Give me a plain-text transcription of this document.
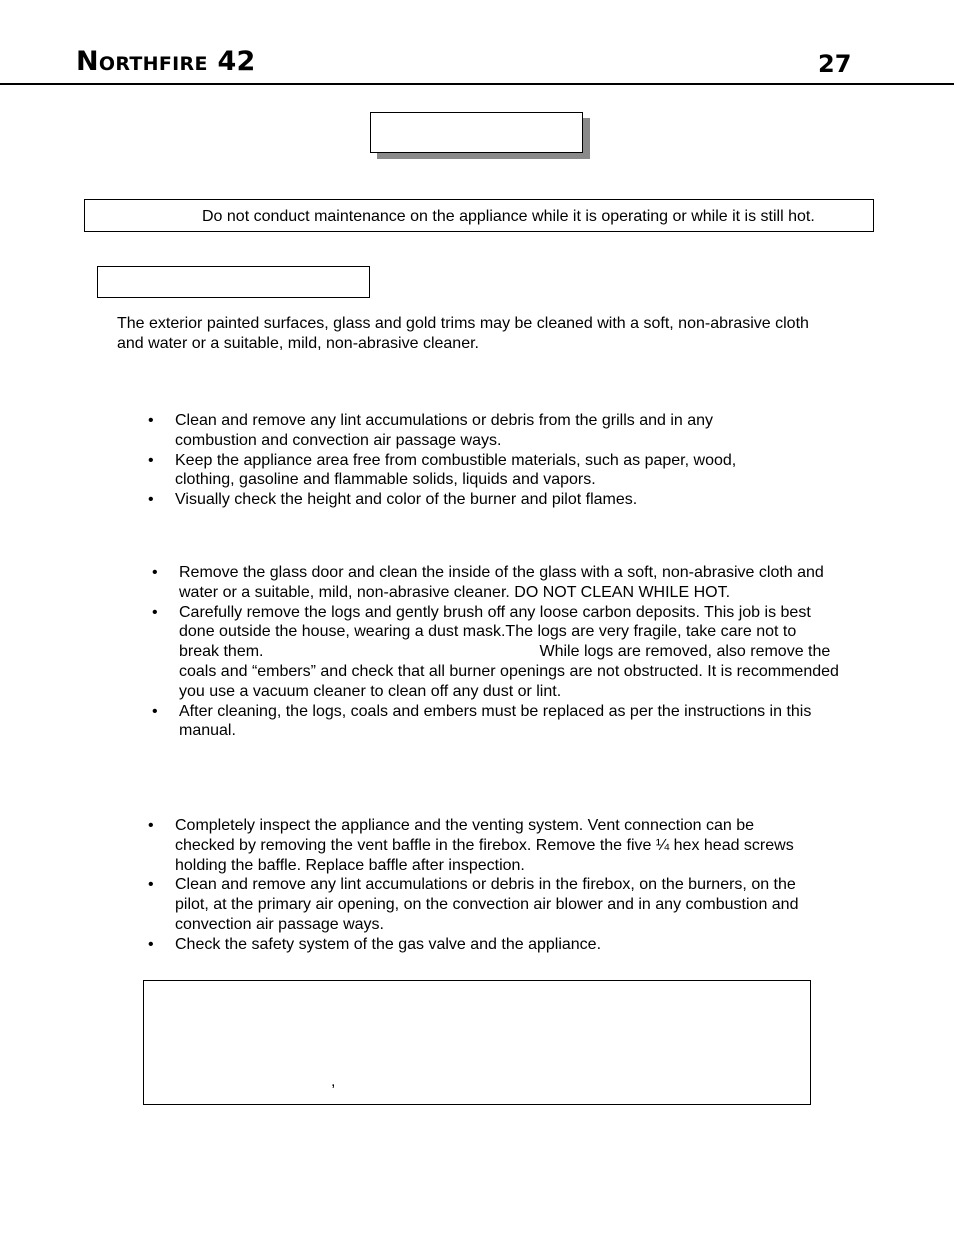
Northfire 42	27
Do not conduct maintenance on the appliance while it is operating or while it is still hot.
The exterior painted surfaces, glass and gold trims may be cleaned with a soft, non-abrasive cloth and water or a suitable, mild, non-abrasive cleaner.
• Clean and remove any lint accumulations or debris from the grills and in any combustion and convection air passage ways.
• Keep the appliance area free from combustible materials, such as paper, wood, clothing, gasoline and flammable solids, liquids and vapors.
• Visually check the height and color of the burner and pilot flames.
• Remove the glass door and clean the inside of the glass with a soft, non-abrasive cloth and water or a suitable, mild, non-abrasive cleaner. DO NOT CLEAN WHILE HOT.
• Carefully remove the logs and gently brush off any loose carbon deposits. This job is best done outside the house, wearing a dust mask.The logs are very fragile, take care not to break them.	While logs are removed, also remove the coals and “embers” and check that all burner openings are not obstructed. It is recommended you use a vacuum cleaner to clean off any dust or lint.
• After cleaning, the logs, coals and embers must be replaced as per the instructions in this manual.
• Completely inspect the appliance and the venting system. Vent connection can be checked by removing the vent baffle in the firebox. Remove the five ¼ hex head screws holding the baffle. Replace baffle after inspection.
• Clean and remove any lint accumulations or debris in the firebox, on the burners, on the pilot, at the primary air opening, on the convection air blower and in any combustion and convection air passage ways.
• Check the safety system of the gas valve and the appliance.
,
